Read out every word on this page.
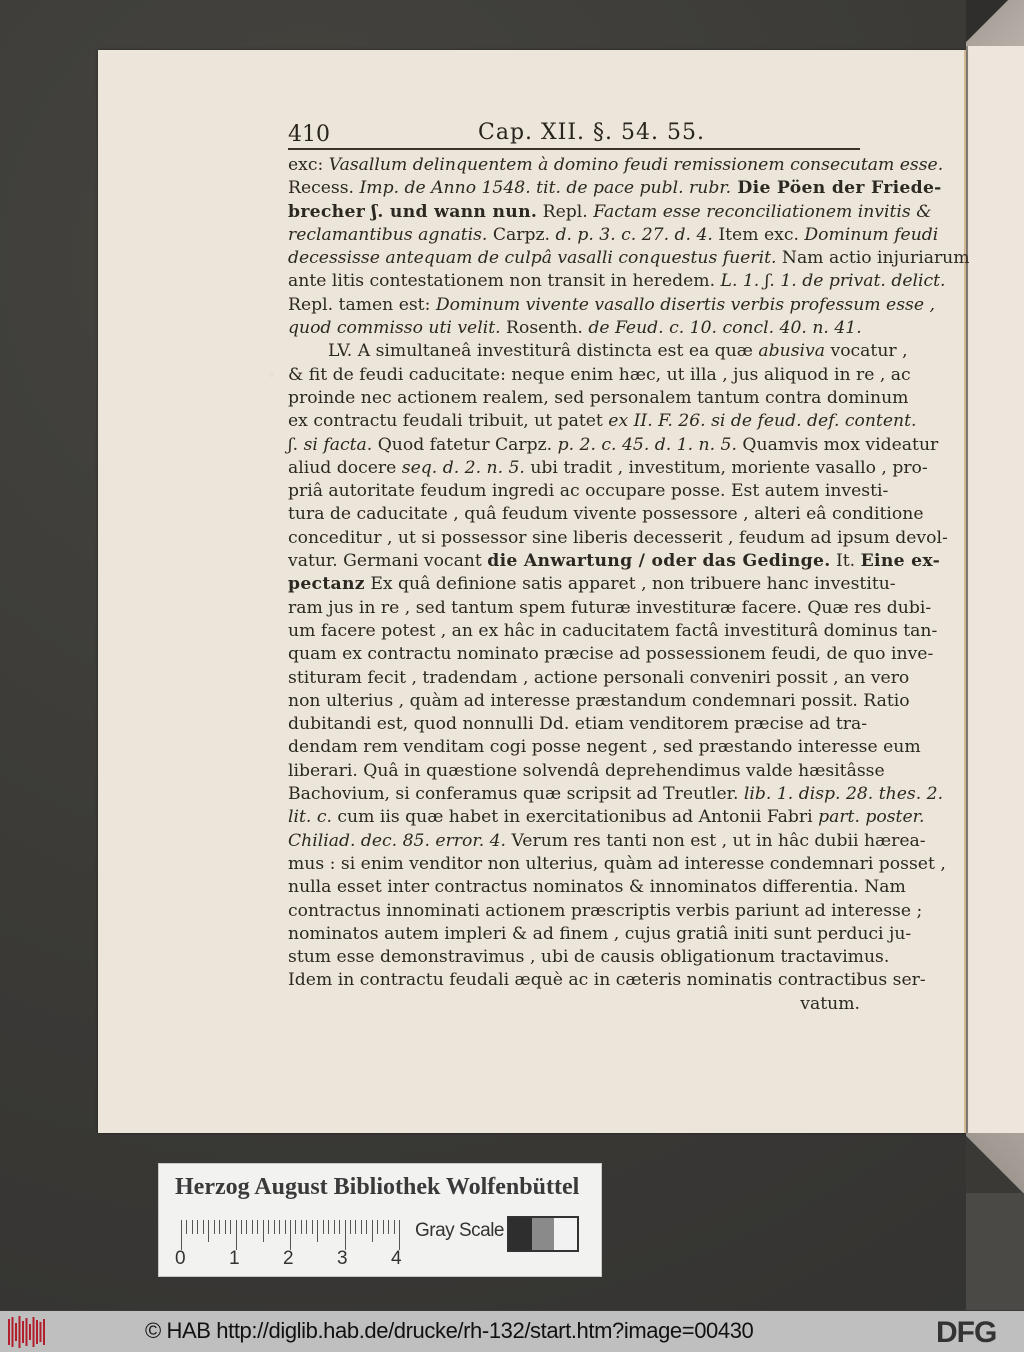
410	Cap. XII. §. 54. 55.
exc: Vasallum delinquentem à domino feudi remissionem consecutam esse.
Recess. Imp. de Anno 1548. tit. de pace publ. rubr. Die Pöen der Friede-
brecher ʃ. und wann nun. Repl. Factam esse reconciliationem invitis &
reclamantibus agnatis. Carpz. d. p. 3. c. 27. d. 4. Item exc. Dominum feudi
decessisse antequam de culpâ vasalli conquestus fuerit. Nam actio injuriarum
ante litis contestationem non transit in heredem. L. 1. ʃ. 1. de privat. delict.
Repl. tamen est: Dominum vivente vasallo disertis verbis professum esse ,
quod commisso uti velit. Rosenth. de Feud. c. 10. concl. 40. n. 41.
LV. A simultaneâ investiturâ distincta est ea quæ abusiva vocatur ,
& fit de feudi caducitate: neque enim hæc, ut illa , jus aliquod in re , ac
proinde nec actionem realem, sed personalem tantum contra dominum
ex contractu feudali tribuit, ut patet ex II. F. 26. si de feud. def. content.
ʃ. si facta. Quod fatetur Carpz. p. 2. c. 45. d. 1. n. 5. Quamvis mox videatur
aliud docere seq. d. 2. n. 5. ubi tradit , investitum, moriente vasallo , pro-
priâ autoritate feudum ingredi ac occupare posse. Est autem investi-
tura de caducitate , quâ feudum vivente possessore , alteri eâ conditione
conceditur , ut si possessor sine liberis decesserit , feudum ad ipsum devol-
vatur. Germani vocant die Anwartung / oder das Gedinge. It. Eine ex-
pectanz Ex quâ definione satis apparet , non tribuere hanc investitu-
ram jus in re , sed tantum spem futuræ investituræ facere. Quæ res dubi-
um facere potest , an ex hâc in caducitatem factâ investiturâ dominus tan-
quam ex contractu nominato præcise ad possessionem feudi, de quo inve-
stituram fecit , tradendam , actione personali conveniri possit , an vero
non ulterius , quàm ad interesse præstandum condemnari possit. Ratio
dubitandi est, quod nonnulli Dd. etiam venditorem præcise ad tra-
dendam rem venditam cogi posse negent , sed præstando interesse eum
liberari. Quâ in quæstione solvendâ deprehendimus valde hæsitâsse
Bachovium, si conferamus quæ scripsit ad Treutler. lib. 1. disp. 28. thes. 2.
lit. c. cum iis quæ habet in exercitationibus ad Antonii Fabri part. poster.
Chiliad. dec. 85. error. 4. Verum res tanti non est , ut in hâc dubii hærea-
mus : si enim venditor non ulterius, quàm ad interesse condemnari posset ,
nulla esset inter contractus nominatos & innominatos differentia. Nam
contractus innominati actionem præscriptis verbis pariunt ad interesse ;
nominatos autem impleri & ad finem , cujus gratiâ initi sunt perduci ju-
stum esse demonstravimus , ubi de causis obligationum tractavimus.
Idem in contractu feudali æquè ac in cæteris nominatis contractibus ser-
vatum.
Herzog August Bibliothek Wolfenbüttel
0 1 2 3 4
Gray Scale
© HAB http://diglib.hab.de/drucke/rh-132/start.htm?image=00430	DFG
